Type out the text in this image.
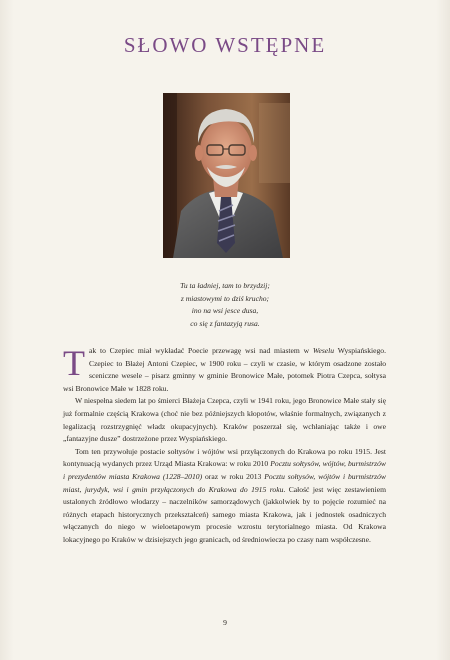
SŁOWO WSTĘPNE
Tu ta ładniej, tam to brzydzij;
z miastowymi to dziś krucho;
ino na wsi jesce dusa,
co się z fantazyją rusa.

Tak to Czepiec miał wykładać Poecie przewagę wsi nad miastem w Weselu Wyspiańskiego. Czepiec to Błażej Antoni Czepiec, w 1900 roku – czyli w czasie, w którym osadzone zostało sceniczne wesele – pisarz gminny w gminie Bronowice Małe, potomek Piotra Czepca, sołtysa wsi Bronowice Małe w 1828 roku.

W niespełna siedem lat po śmierci Błażeja Czepca, czyli w 1941 roku, jego Bronowice Małe stały się już formalnie częścią Krakowa (choć nie bez późniejszych kłopotów, właśnie formalnych, związanych z legalizacją rozstrzygnięć władz okupacyjnych). Kraków poszerzał się, wchłaniając także i owe „fantazyjne dusze” dostrzeżone przez Wyspiańskiego.

Tom ten przywołuje postacie sołtysów i wójtów wsi przyłączonych do Krakowa po roku 1915. Jest kontynuacją wydanych przez Urząd Miasta Krakowa: w roku 2010 Pocztu sołtysów, wójtów, burmistrzów i prezydentów miasta Krakowa (1228–2010) oraz w roku 2013 Pocztu sołtysów, wójtów i burmistrzów miast, jurydyk, wsi i gmin przyłączonych do Krakowa do 1915 roku. Całość jest więc zestawieniem ustalonych źródłowo włodarzy – naczelników samorządowych (jakkolwiek by to pojęcie rozumieć na różnych etapach historycznych przekształceń) samego miasta Krakowa, jak i jednostek osadniczych włączanych do niego w wieloetapowym procesie wzrostu terytorialnego miasta. Od Krakowa lokacyjnego po Kraków w dzisiejszych jego granicach, od średniowiecza po czasy nam współczesne.

9
